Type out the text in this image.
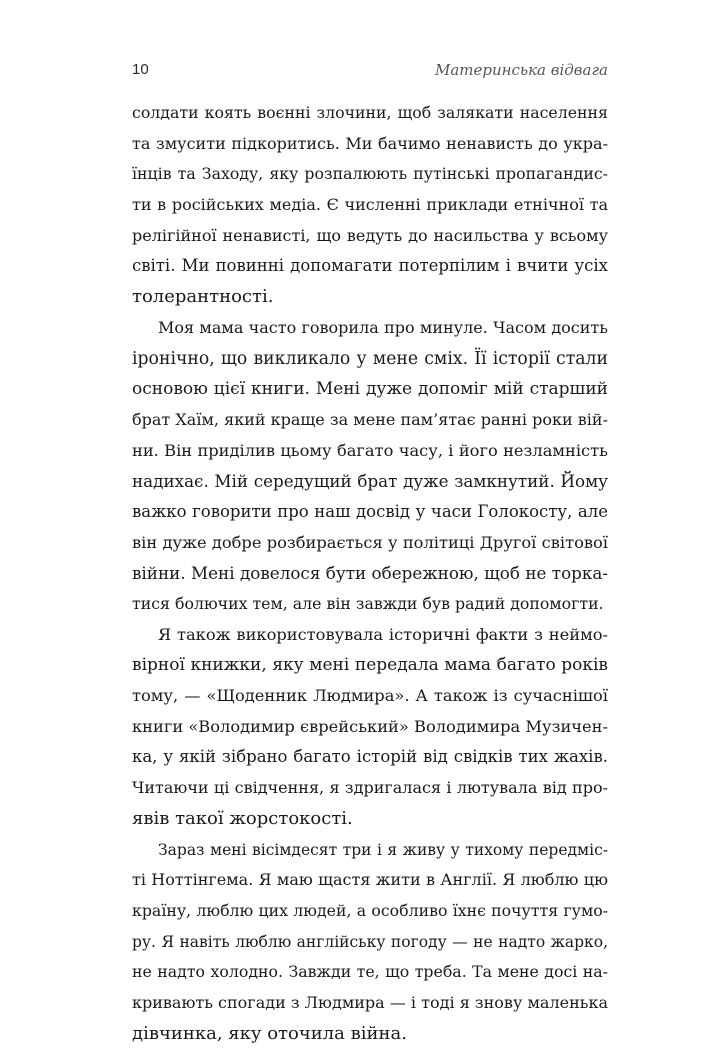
10	Материнська відвага
солдати коять воєнні злочини, щоб залякати населення
та змусити підкоритись. Ми бачимо ненависть до укра-
їнців та Заходу, яку розпалюють путінські пропагандис-
ти в російських медіа. Є численні приклади етнічної та
релігійної ненависті, що ведуть до насильства у всьому
світі. Ми повинні допомагати потерпілим і вчити усіх
толерантності.
Моя мама часто говорила про минуле. Часом досить
іронічно, що викликало у мене сміх. Її історії стали
основою цієї книги. Мені дуже допоміг мій старший
брат Хаїм, який краще за мене пам’ятає ранні роки вій-
ни. Він приділив цьому багато часу, і його незламність
надихає. Мій середущий брат дуже замкнутий. Йому
важко говорити про наш досвід у часи Голокосту, але
він дуже добре розбирається у політиці Другої світової
війни. Мені довелося бути обережною, щоб не торка-
тися болючих тем, але він завжди був радий допомогти.
Я також використовувала історичні факти з неймо-
вірної книжки, яку мені передала мама багато років
тому, — «Щоденник Людмира». А також із сучаснішої
книги «Володимир єврейський» Володимира Музичен-
ка, у якій зібрано багато історій від свідків тих жахів.
Читаючи ці свідчення, я здригалася і лютувала від про-
явів такої жорстокості.
Зараз мені вісімдесят три і я живу у тихому передміс-
ті Ноттінгема. Я маю щастя жити в Англії. Я люблю цю
країну, люблю цих людей, а особливо їхнє почуття гумо-
ру. Я навіть люблю англійську погоду — не надто жарко,
не надто холодно. Завжди те, що треба. Та мене досі на-
кривають спогади з Людмира — і тоді я знову маленька
дівчинка, яку оточила війна.
